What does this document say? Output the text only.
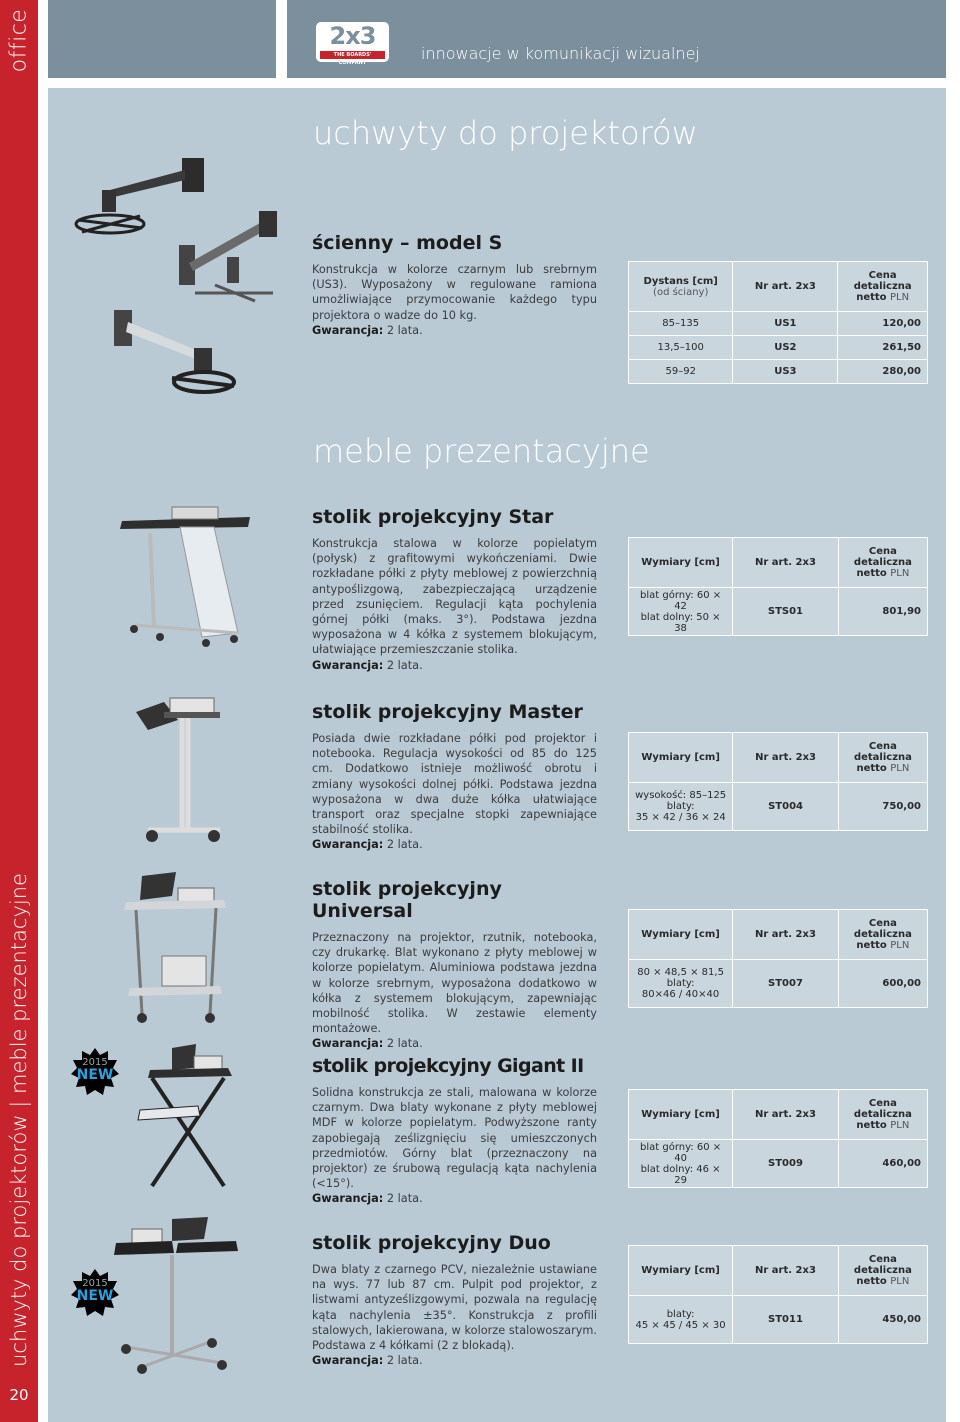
office
uchwyty do projektorów | meble prezentacyjne
20
2x3
THE BOARDS' COMPANY	innowacje w komunikacji wizualnej
uchwyty do projektorów
meble prezentacyjne
2015
NEW
2015
NEW
ścienny – model S

Konstrukcja w kolorze czarnym lub srebrnym (US3). Wyposażony w regulowane ramiona umożliwiające przymocowanie każdego typu projektora o wadze do 10 kg.

Gwarancja: 2 lata.
Dystans [cm]
(od ściany)	Nr art. 2x3	Cena
detaliczna
netto PLN
85–135	US1	120,00
13,5–100	US2	261,50
59–92	US3	280,00
stolik projekcyjny Star

Konstrukcja stalowa w kolorze popielatym (połysk) z grafitowymi wykończeniami. Dwie rozkładane półki z płyty meblowej z powierzchnią antypoślizgową, zabezpieczającą urządzenie przed zsunięciem. Regulacji kąta pochylenia górnej półki (maks. 3°). Podstawa jezdna wyposażona w 4 kółka z systemem blokującym, ułatwiające przemieszczanie stolika.

Gwarancja: 2 lata.
Wymiary [cm]	Nr art. 2x3	Cena
detaliczna
netto PLN
blat górny: 60 × 42
blat dolny: 50 × 38	STS01	801,90
stolik projekcyjny Master

Posiada dwie rozkładane półki pod projektor i notebooka. Regulacja wysokości od 85 do 125 cm. Dodatkowo istnieje możliwość obrotu i zmiany wysokości dolnej półki. Podstawa jezdna wyposażona w dwa duże kółka ułatwiające transport oraz specjalne stopki zapewniające stabilność stolika.

Gwarancja: 2 lata.
Wymiary [cm]	Nr art. 2x3	Cena
detaliczna
netto PLN
wysokość: 85–125
blaty:
35 × 42 / 36 × 24	ST004	750,00
stolik projekcyjny Universal

Przeznaczony na projektor, rzutnik, notebooka, czy drukarkę. Blat wykonano z płyty meblowej w kolorze popielatym. Aluminiowa podstawa jezdna w kolorze srebrnym, wyposażona dodatkowo w kółka z systemem blokującym, zapewniając mobilność stolika. W zestawie elementy montażowe.

Gwarancja: 2 lata.
Wymiary [cm]	Nr art. 2x3	Cena
detaliczna
netto PLN
80 × 48,5 × 81,5
blaty:
80×46 / 40×40	ST007	600,00
stolik projekcyjny Gigant II

Solidna konstrukcja ze stali, malowana w kolorze czarnym. Dwa blaty wykonane z płyty meblowej MDF w kolorze popielatym. Podwyższone ranty zapobiegają ześlizgnięciu się umieszczonych przedmiotów. Górny blat (przeznaczony na projektor) ze śrubową regulacją kąta nachylenia (<15°).

Gwarancja: 2 lata.
Wymiary [cm]	Nr art. 2x3	Cena
detaliczna
netto PLN
blat górny: 60 × 40
blat dolny: 46 × 29	ST009	460,00
stolik projekcyjny Duo

Dwa blaty z czarnego PCV, niezależnie ustawiane na wys. 77 lub 87 cm. Pulpit pod projektor, z listwami antyześlizgowymi, pozwala na regulację kąta nachylenia ±35°. Konstrukcja z profili stalowych, lakierowana, w kolorze stalowoszarym. Podstawa z 4 kółkami (2 z blokadą).

Gwarancja: 2 lata.
Wymiary [cm]	Nr art. 2x3	Cena
detaliczna
netto PLN
blaty:
45 × 45 / 45 × 30	ST011	450,00
